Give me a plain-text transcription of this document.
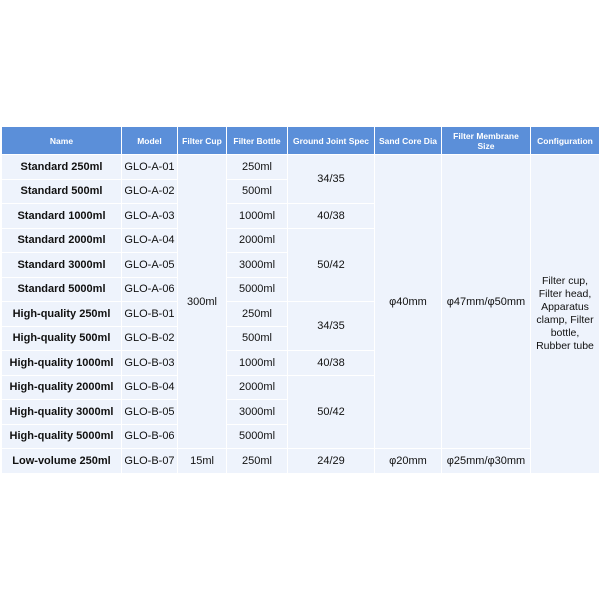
Name	Model	Filter Cup	Filter Bottle	Ground Joint Spec	Sand Core Dia	Filter Membrane Size	Configuration
Standard 250ml	GLO-A-01	300ml	250ml	34/35	φ40mm	φ47mm/φ50mm	Filter cup, Filter head, Apparatus clamp, Filter bottle, Rubber tube
Standard 500ml	GLO-A-02		500ml				
Standard 1000ml	GLO-A-03		1000ml	40/38			
Standard 2000ml	GLO-A-04		2000ml	50/42			
Standard 3000ml	GLO-A-05		3000ml				
Standard 5000ml	GLO-A-06		5000ml				
High-quality 250ml	GLO-B-01		250ml	34/35			
High-quality 500ml	GLO-B-02		500ml				
High-quality 1000ml	GLO-B-03		1000ml	40/38			
High-quality 2000ml	GLO-B-04		2000ml	50/42			
High-quality 3000ml	GLO-B-05		3000ml				
High-quality 5000ml	GLO-B-06		5000ml				
Low-volume 250ml	GLO-B-07	15ml	250ml	24/29	φ20mm	φ25mm/φ30mm	
